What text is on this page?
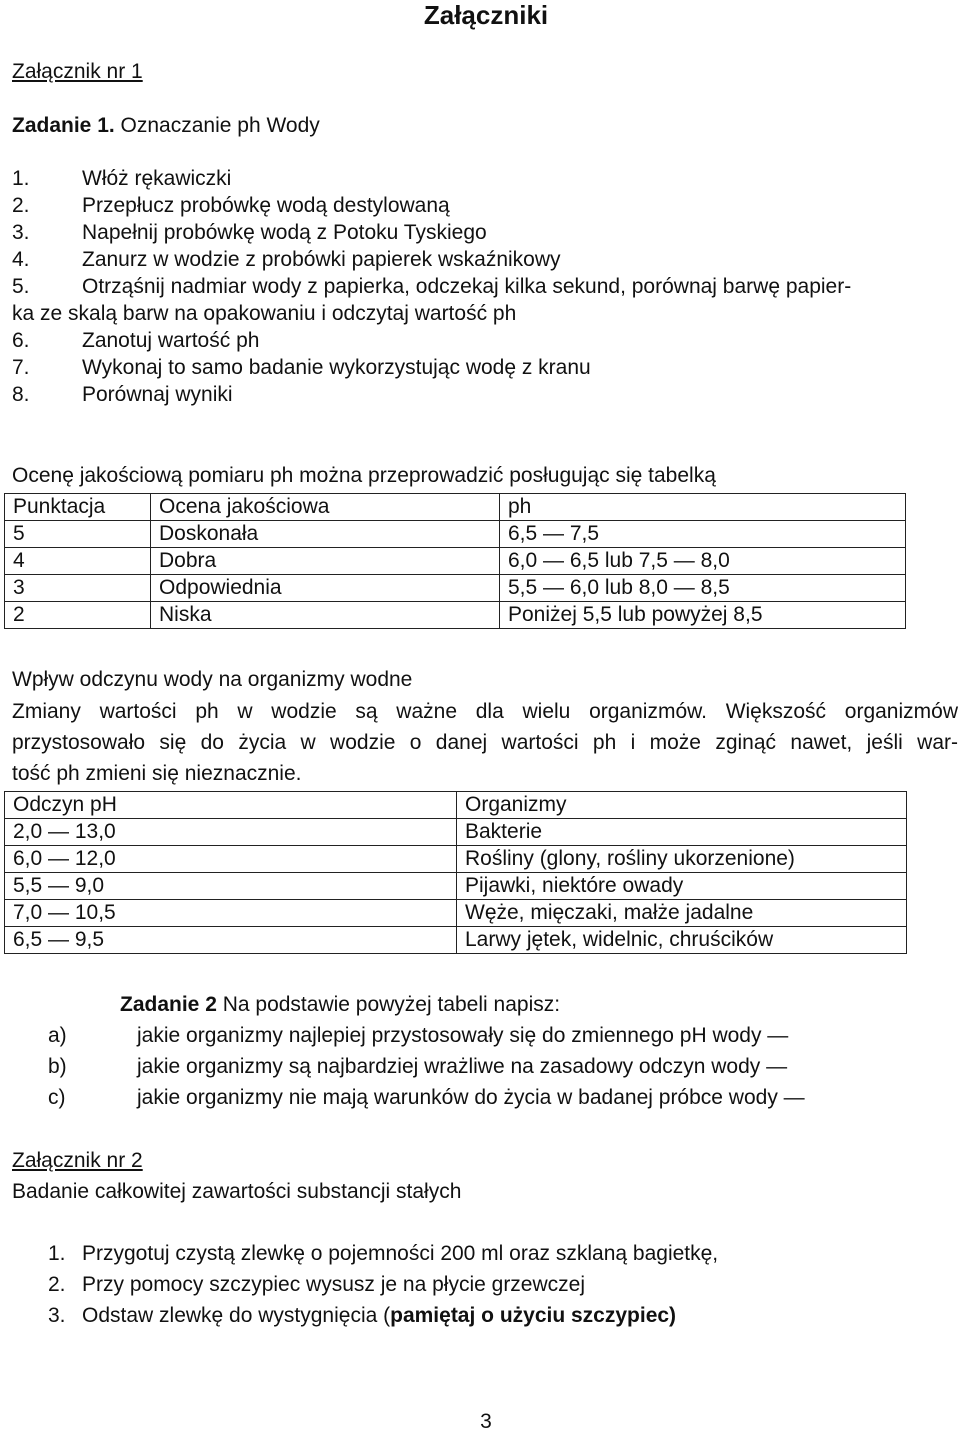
Załączniki
Załącznik nr 1
Zadanie 1. Oznaczanie ph Wody
1. Włóż rękawiczki
2. Przepłucz probówkę wodą destylowaną
3. Napełnij probówkę wodą z Potoku Tyskiego
4. Zanurz w wodzie z probówki papierek wskaźnikowy
5. Otrząśnij nadmiar wody z papierka, odczekaj kilka sekund, porównaj barwę papier-
ka ze skalą barw na opakowaniu i odczytaj wartość ph
6. Zanotuj wartość ph
7. Wykonaj to samo badanie wykorzystując wodę z kranu
8. Porównaj wyniki
Ocenę jakościową pomiaru ph można przeprowadzić posługując się tabelką
Punktacja	Ocena jakościowa	ph
5	Doskonała	6,5 — 7,5
4	Dobra	6,0 — 6,5 lub 7,5 — 8,0
3	Odpowiednia	5,5 — 6,0 lub 8,0 — 8,5
2	Niska	Poniżej 5,5 lub powyżej 8,5
Wpływ odczynu wody na organizmy wodne
Zmiany wartości ph w wodzie są ważne dla wielu organizmów. Większość organizmów
przystosowało się do życia w wodzie o danej wartości ph i może zginąć nawet, jeśli war-
tość ph zmieni się nieznacznie.
Odczyn pH	Organizmy
2,0 — 13,0	Bakterie
6,0 — 12,0	Rośliny (glony, rośliny ukorzenione)
5,5 — 9,0	Pijawki, niektóre owady
7,0 — 10,5	Węże, mięczaki, małże jadalne
6,5 — 9,5	Larwy jętek, widelnic, chruścików
Zadanie 2 Na podstawie powyżej tabeli napisz:
a)	jakie organizmy najlepiej przystosowały się do zmiennego pH wody —
b)	jakie organizmy są najbardziej wrażliwe na zasadowy odczyn wody —
c)	jakie organizmy nie mają warunków do życia w badanej próbce wody —
Załącznik nr 2
Badanie całkowitej zawartości substancji stałych
1. Przygotuj czystą zlewkę o pojemności 200 ml oraz szklaną bagietkę,
2. Przy pomocy szczypiec wysusz je na płycie grzewczej
3. Odstaw zlewkę do wystygnięcia (pamiętaj o użyciu szczypiec)
3
